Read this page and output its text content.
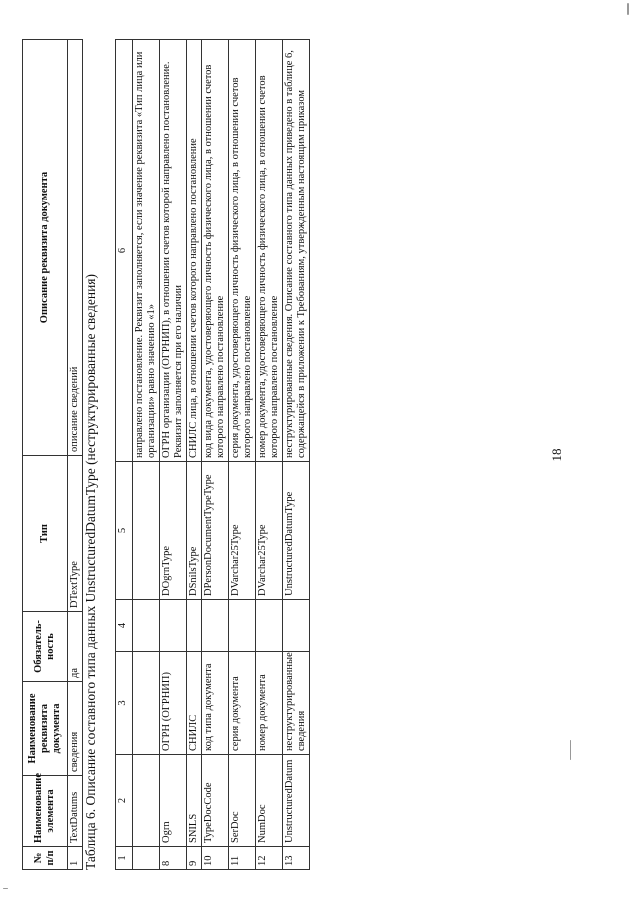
18
1	2	3	4	5	6
					направлено постановление. Реквизит заполняется, если значение реквизита «Тип лица или организации» равно значению «1»
8	Ogrn	ОГРН (ОГРНИП)		DOgrnType	ОГРН организации (ОГРНИП), в отношении счетов которой направлено постановление. Реквизит заполняется при его наличии
9	SNILS	СНИЛС		DSnilsType	СНИЛС лица, в отношении счетов которого направлено постановление
10	TypeDocCode	код типа документа		DPersonDocumentTypeType	код вида документа, удостоверяющего личность физического лица, в отношении счетов которого направлено постановление
11	SerDoc	серия документа		DVarchar25Type	серия документа, удостоверяющего личность физического лица, в отношении счетов которого направлено постановление
12	NumDoc	номер документа		DVarchar25Type	номер документа, удостоверяющего личность физического лица, в отношении счетов которого направлено постановление
13	UnstructuredDatum	неструктурированные сведения		UnstructuredDatumType	неструктурированные сведения. Описание составного типа данных приведено в таблице 6, содержащейся в приложении к Требованиям, утвержденным настоящим приказом
Таблица 6. Описание составного типа данных UnstructuredDatumType (неструктурированные сведения)
№ п/п	Наименование элемента	Наименование реквизита документа	Обязатель- ность	Тип	Описание реквизита документа
1	TextDatums	сведения	да	DTextType	описание сведений
